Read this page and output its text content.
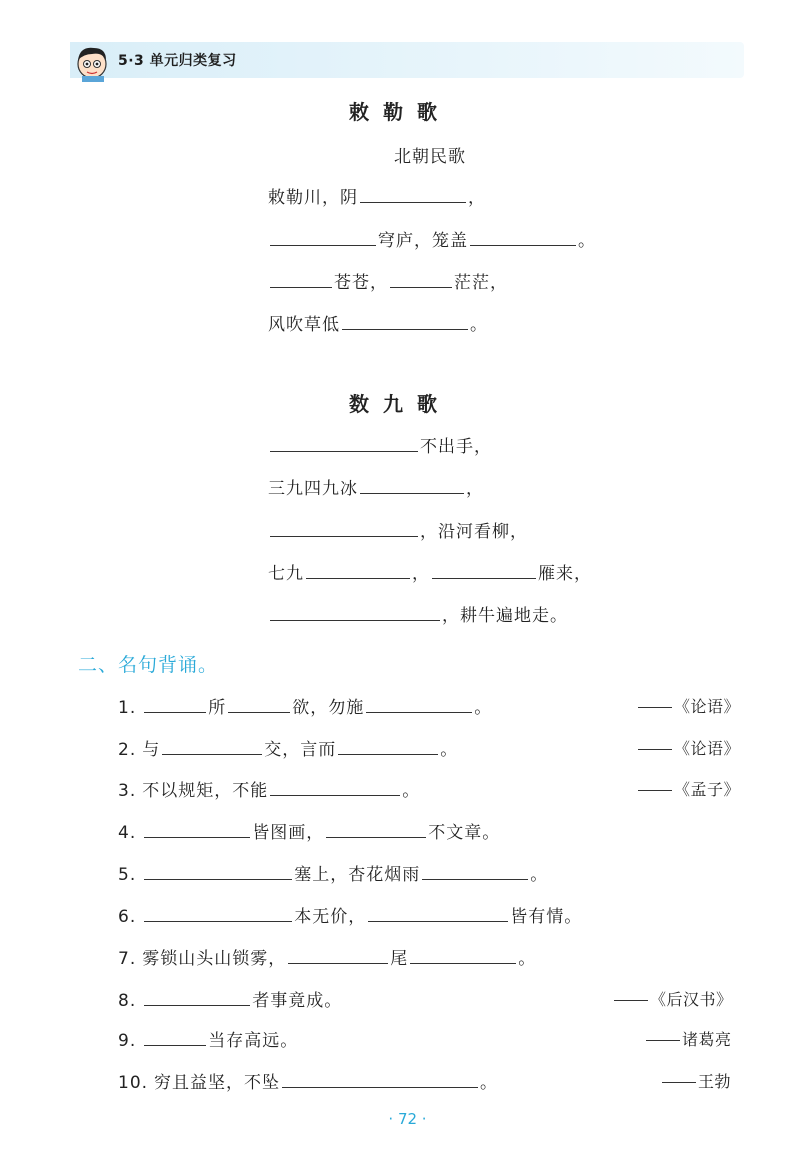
5·3 单元归类复习
敕勒歌
北朝民歌
敕勒川，阴	，
穹庐，笼盖	。
苍苍，	茫茫，
风吹草低	。
数九歌
不出手，
三九四九冰	，
，沿河看柳，
七九	，	雁来，
，耕牛遍地走。
二、名句背诵。
1.	所	欲，勿施	。	《论语》
2. 与	交，言而	。	《论语》
3. 不以规矩，不能	。	《孟子》
4.	皆图画，	不文章。
5.	塞上，杏花烟雨	。
6.	本无价，	皆有情。
7. 雾锁山头山锁雾，	尾	。
8.	者事竟成。	《后汉书》
9.	当存高远。	诸葛亮
10. 穷且益坚，不坠	。	王勃
· 72 ·
